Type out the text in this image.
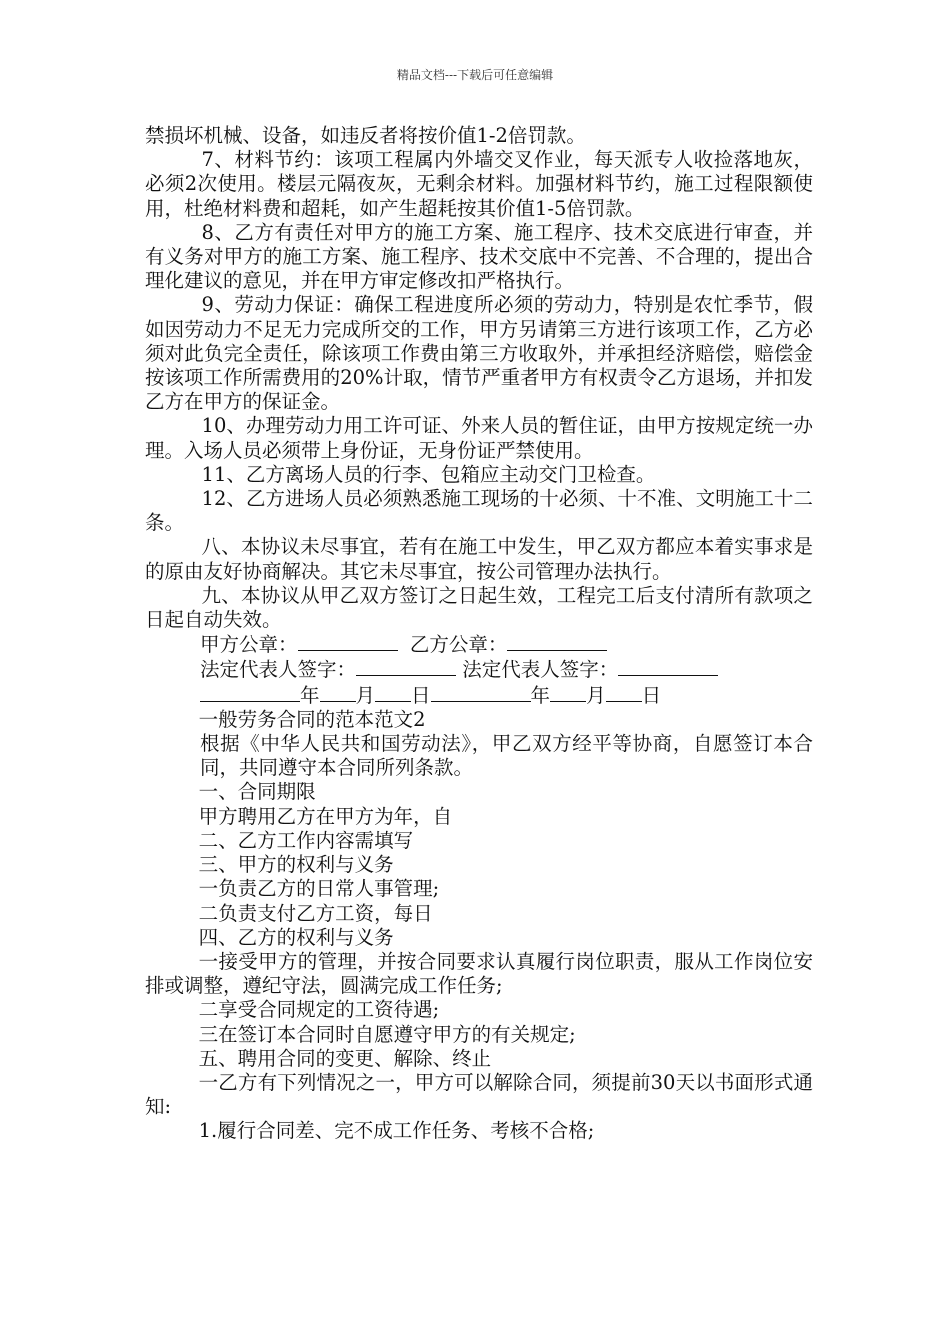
精品文档---下载后可任意编辑

禁损坏机械、设备，如违反者将按价值1-2倍罚款。

7、材料节约：该项工程属内外墙交叉作业，每天派专人收捡落地灰，必须2次使用。楼层元隔夜灰，无剩余材料。加强材料节约，施工过程限额使用，杜绝材料费和超耗，如产生超耗按其价值1-5倍罚款。

8、乙方有责任对甲方的施工方案、施工程序、技术交底进行审查，并有义务对甲方的施工方案、施工程序、技术交底中不完善、不合理的，提出合理化建议的意见，并在甲方审定修改扣严格执行。

9、劳动力保证：确保工程进度所必须的劳动力，特别是农忙季节，假如因劳动力不足无力完成所交的工作，甲方另请第三方进行该项工作，乙方必须对此负完全责任，除该项工作费由第三方收取外，并承担经济赔偿，赔偿金按该项工作所需费用的20%计取，情节严重者甲方有权责令乙方退场，并扣发乙方在甲方的保证金。

10、办理劳动力用工许可证、外来人员的暂住证，由甲方按规定统一办理。入场人员必须带上身份证，无身份证严禁使用。

11、乙方离场人员的行李、包箱应主动交门卫检查。

12、乙方进场人员必须熟悉施工现场的十必须、十不准、文明施工十二条。

八、本协议未尽事宜，若有在施工中发生，甲乙双方都应本着实事求是的原由友好协商解决。其它未尽事宜，按公司管理办法执行。

九、本协议从甲乙双方签订之日起生效，工程完工后支付清所有款项之日起自动失效。

甲方公章：	乙方公章：
法定代表人签字：	法定代表人签字：
年 月 日	年 月 日

一般劳务合同的范本范文2

根据《中华人民共和国劳动法》，甲乙双方经平等协商，自愿签订本合同，共同遵守本合同所列条款。

一、合同期限

甲方聘用乙方在甲方为年，自

二、乙方工作内容需填写

三、甲方的权利与义务

一负责乙方的日常人事管理;

二负责支付乙方工资，每日

四、乙方的权利与义务

一接受甲方的管理，并按合同要求认真履行岗位职责，服从工作岗位安排或调整，遵纪守法，圆满完成工作任务;

二享受合同规定的工资待遇;

三在签订本合同时自愿遵守甲方的有关规定;

五、聘用合同的变更、解除、终止

一乙方有下列情况之一，甲方可以解除合同，须提前30天以书面形式通知:

1.履行合同差、完不成工作任务、考核不合格;
